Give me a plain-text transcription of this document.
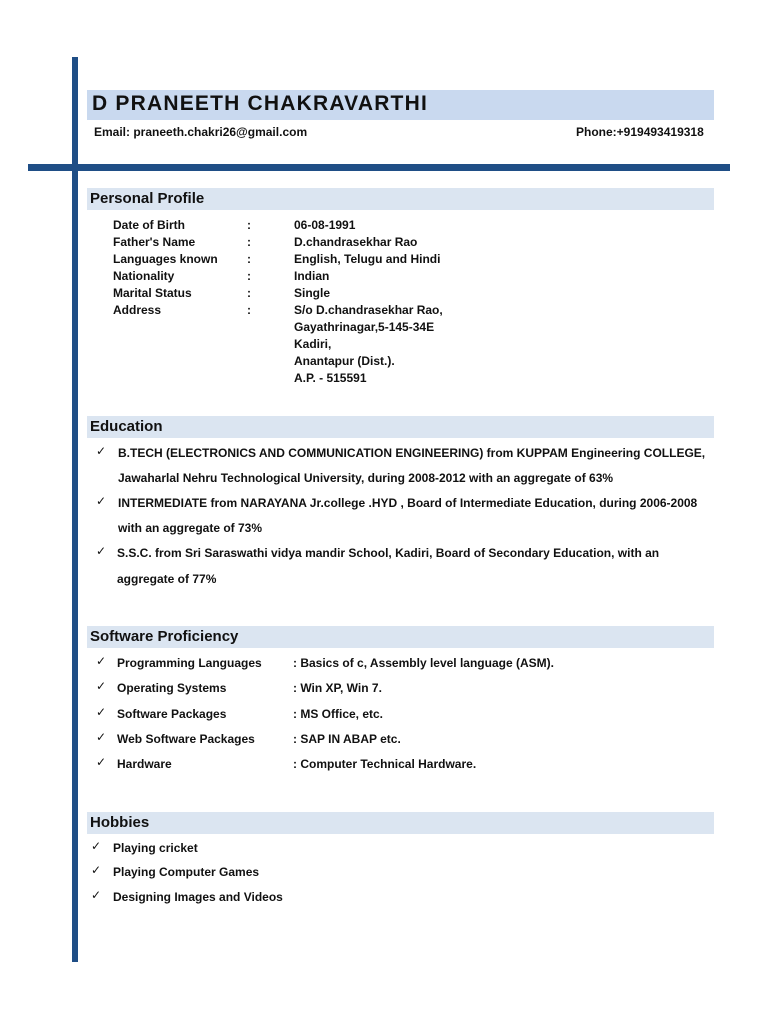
D PRANEETH CHAKRAVARTHI
Email: praneeth.chakri26@gmail.com	Phone:+919493419318
Personal Profile
Date of Birth	:	06-08-1991
Father's Name	:	D.chandrasekhar Rao
Languages known	:	English, Telugu and Hindi
Nationality	:	Indian
Marital Status	:	Single
Address	:	S/o D.chandrasekhar Rao,
Gayathrinagar,5-145-34E
Kadiri,
Anantapur (Dist.).
A.P. - 515591
Education
✓ B.TECH (ELECTRONICS AND COMMUNICATION ENGINEERING) from KUPPAM Engineering COLLEGE,
Jawaharlal Nehru Technological University, during 2008-2012 with an aggregate of 63%
✓ INTERMEDIATE from NARAYANA Jr.college .HYD , Board of Intermediate Education, during 2006-2008
with an aggregate of 73%
✓ S.S.C. from Sri Saraswathi vidya mandir School, Kadiri, Board of Secondary Education, with an
aggregate of 77%
Software Proficiency
✓ Programming Languages	: Basics of c, Assembly level language (ASM).
✓ Operating Systems	: Win XP, Win 7.
✓ Software Packages	: MS Office, etc.
✓ Web Software Packages	: SAP IN ABAP etc.
✓ Hardware	: Computer Technical Hardware.
Hobbies
✓ Playing cricket
✓ Playing Computer Games
✓ Designing Images and Videos
